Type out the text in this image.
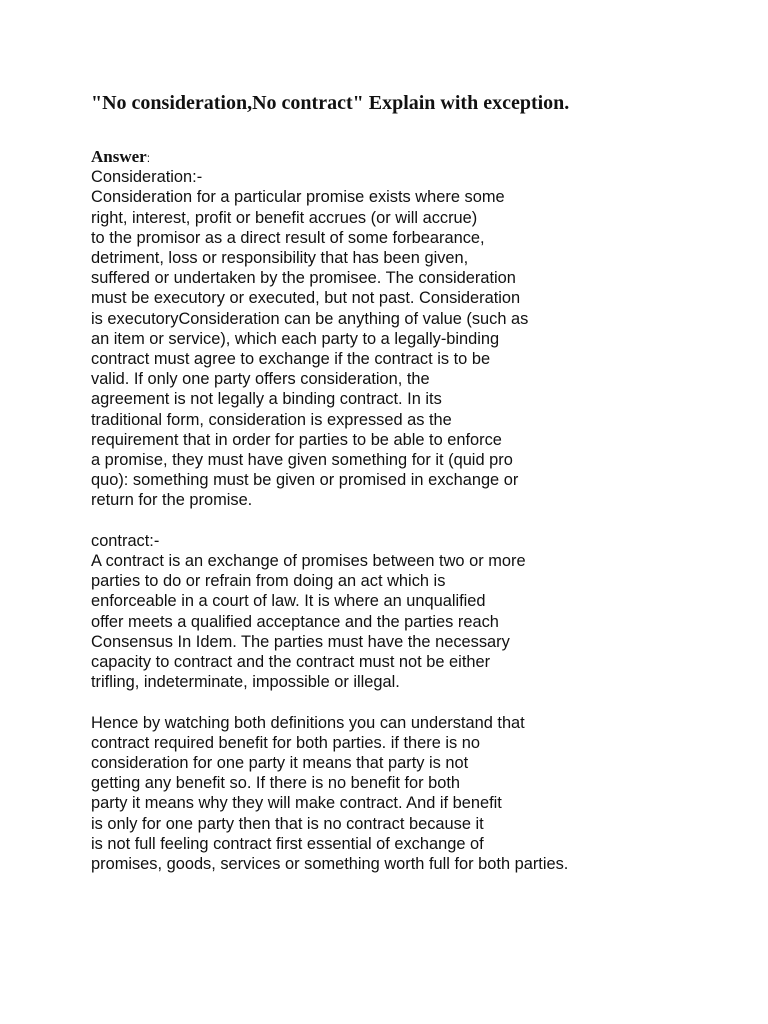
"No consideration,No contract" Explain with exception.

Answer:

Consideration:-
Consideration for a particular promise exists where some
right, interest, profit or benefit accrues (or will accrue)
to the promisor as a direct result of some forbearance,
detriment, loss or responsibility that has been given,
suffered or undertaken by the promisee. The consideration
must be executory or executed, but not past. Consideration
is executoryConsideration can be anything of value (such as
an item or service), which each party to a legally-binding
contract must agree to exchange if the contract is to be
valid. If only one party offers consideration, the
agreement is not legally a binding contract. In its
traditional form, consideration is expressed as the
requirement that in order for parties to be able to enforce
a promise, they must have given something for it (quid pro
quo): something must be given or promised in exchange or
return for the promise.
contract:-
A contract is an exchange of promises between two or more
parties to do or refrain from doing an act which is
enforceable in a court of law. It is where an unqualified
offer meets a qualified acceptance and the parties reach
Consensus In Idem. The parties must have the necessary
capacity to contract and the contract must not be either
trifling, indeterminate, impossible or illegal.
Hence by watching both definitions you can understand that
contract required benefit for both parties. if there is no
consideration for one party it means that party is not
getting any benefit so. If there is no benefit for both
party it means why they will make contract. And if benefit
is only for one party then that is no contract because it
is not full feeling contract first essential of exchange of
promises, goods, services or something worth full for both parties.
